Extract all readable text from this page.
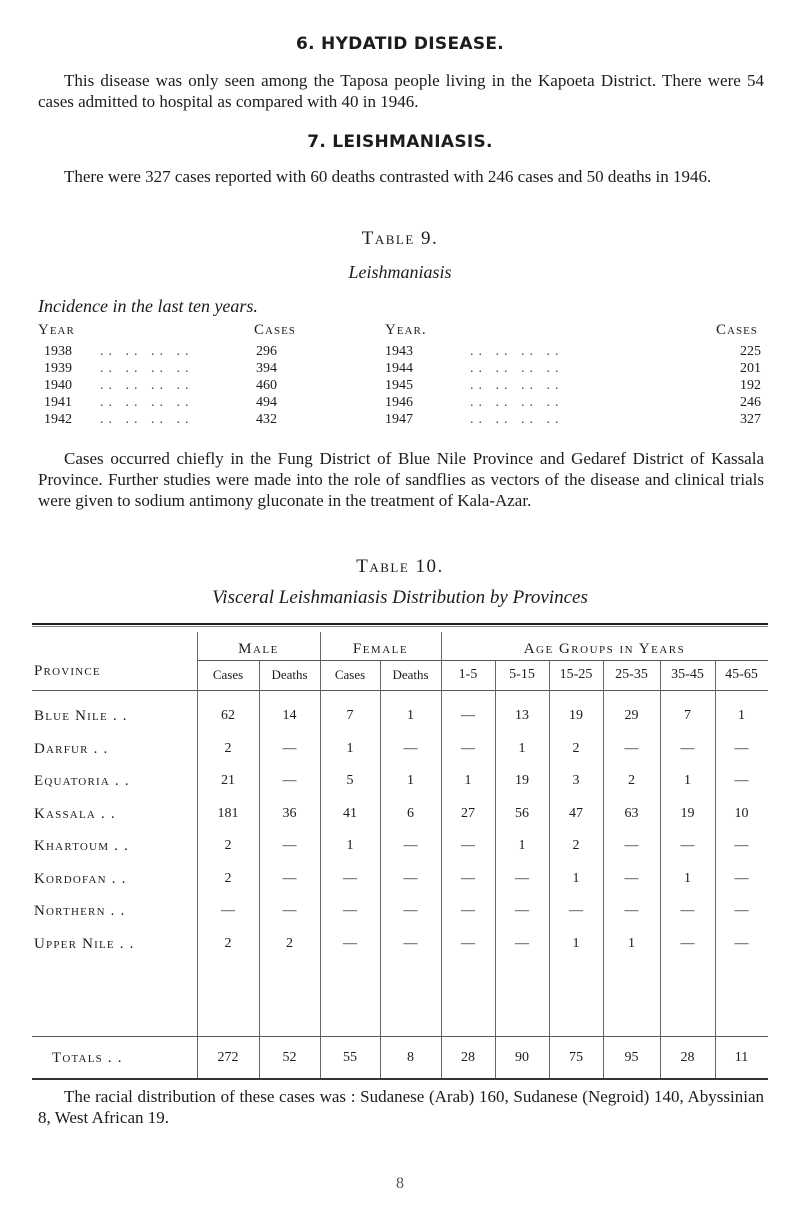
6. HYDATID DISEASE.
This disease was only seen among the Taposa people living in the Kapoeta District. There were 54 cases admitted to hospital as compared with 40 in 1946.
7. LEISHMANIASIS.
There were 327 cases reported with 60 deaths contrasted with 246 cases and 50 deaths in 1946.
Table 9.
Leishmaniasis
Incidence in the last ten years.
Year	Cases	Year.	Cases
1938 .. .. .. ..	296	1943	.. .. .. ..	225
1939 .. .. .. ..	394	1944	.. .. .. ..	201
1940 .. .. .. ..	460	1945	.. .. .. ..	192
1941 .. .. .. ..	494	1946	.. .. .. ..	246
1942 .. .. .. ..	432	1947	.. .. .. ..	327
Cases occurred chiefly in the Fung District of Blue Nile Province and Gedaref District of Kassala Province. Further studies were made into the role of sandflies as vectors of the disease and clinical trials were given to sodium antimony gluconate in the treatment of Kala-Azar.
Table 10.
Visceral Leishmaniasis Distribution by Provinces
Province
Male	Female	Age Groups in Years
Cases	Deaths	Cases	Deaths	1-5	5-15	15-25	25-35	35-45	45-65
Blue Nile . .	62	14	7	1	—	13	19	29	7	1
Darfur . .	2	—	1	—	—	1	2	—	—	—
Equatoria . .	21	—	5	1	1	19	3	2	1	—
Kassala . .	181	36	41	6	27	56	47	63	19	10
Khartoum . .	2	—	1	—	—	1	2	—	—	—
Kordofan . .	2	—	—	—	—	—	1	—	1	—
Northern . .	—	—	—	—	—	—	—	—	—	—
Upper Nile . .	2	2	—	—	—	—	1	1	—	—
Totals . .	272	52	55	8	28	90	75	95	28	11
The racial distribution of these cases was : Sudanese (Arab) 160, Sudanese (Negroid) 140, Abyssinian 8, West African 19.
8
